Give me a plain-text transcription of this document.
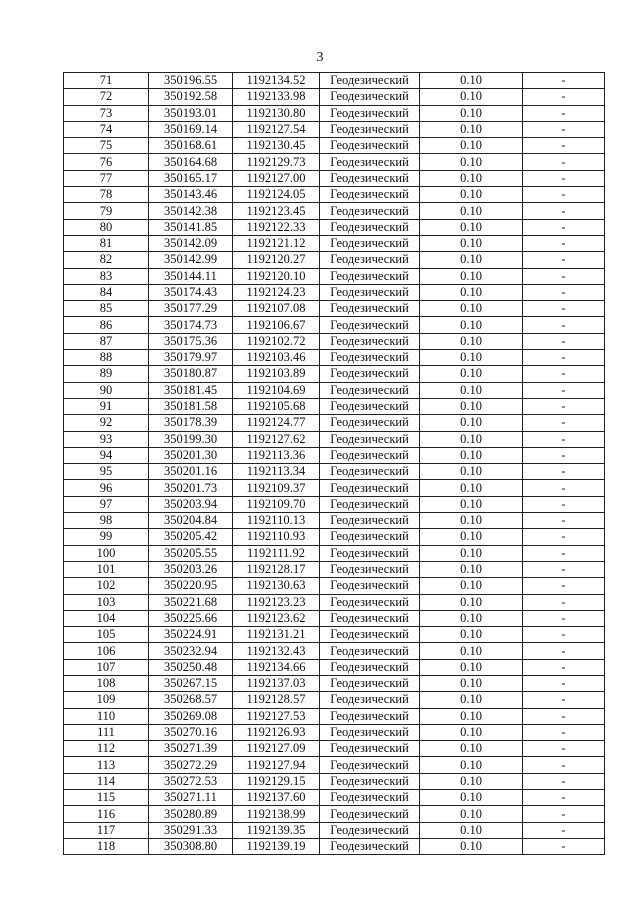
3
71	350196.55	1192134.52	Геодезический	0.10	-
72	350192.58	1192133.98	Геодезический	0.10	-
73	350193.01	1192130.80	Геодезический	0.10	-
74	350169.14	1192127.54	Геодезический	0.10	-
75	350168.61	1192130.45	Геодезический	0.10	-
76	350164.68	1192129.73	Геодезический	0.10	-
77	350165.17	1192127.00	Геодезический	0.10	-
78	350143.46	1192124.05	Геодезический	0.10	-
79	350142.38	1192123.45	Геодезический	0.10	-
80	350141.85	1192122.33	Геодезический	0.10	-
81	350142.09	1192121.12	Геодезический	0.10	-
82	350142.99	1192120.27	Геодезический	0.10	-
83	350144.11	1192120.10	Геодезический	0.10	-
84	350174.43	1192124.23	Геодезический	0.10	-
85	350177.29	1192107.08	Геодезический	0.10	-
86	350174.73	1192106.67	Геодезический	0.10	-
87	350175.36	1192102.72	Геодезический	0.10	-
88	350179.97	1192103.46	Геодезический	0.10	-
89	350180.87	1192103.89	Геодезический	0.10	-
90	350181.45	1192104.69	Геодезический	0.10	-
91	350181.58	1192105.68	Геодезический	0.10	-
92	350178.39	1192124.77	Геодезический	0.10	-
93	350199.30	1192127.62	Геодезический	0.10	-
94	350201.30	1192113.36	Геодезический	0.10	-
95	350201.16	1192113.34	Геодезический	0.10	-
96	350201.73	1192109.37	Геодезический	0.10	-
97	350203.94	1192109.70	Геодезический	0.10	-
98	350204.84	1192110.13	Геодезический	0.10	-
99	350205.42	1192110.93	Геодезический	0.10	-
100	350205.55	1192111.92	Геодезический	0.10	-
101	350203.26	1192128.17	Геодезический	0.10	-
102	350220.95	1192130.63	Геодезический	0.10	-
103	350221.68	1192123.23	Геодезический	0.10	-
104	350225.66	1192123.62	Геодезический	0.10	-
105	350224.91	1192131.21	Геодезический	0.10	-
106	350232.94	1192132.43	Геодезический	0.10	-
107	350250.48	1192134.66	Геодезический	0.10	-
108	350267.15	1192137.03	Геодезический	0.10	-
109	350268.57	1192128.57	Геодезический	0.10	-
110	350269.08	1192127.53	Геодезический	0.10	-
111	350270.16	1192126.93	Геодезический	0.10	-
112	350271.39	1192127.09	Геодезический	0.10	-
113	350272.29	1192127.94	Геодезический	0.10	-
114	350272.53	1192129.15	Геодезический	0.10	-
115	350271.11	1192137.60	Геодезический	0.10	-
116	350280.89	1192138.99	Геодезический	0.10	-
117	350291.33	1192139.35	Геодезический	0.10	-
118	350308.80	1192139.19	Геодезический	0.10	-
